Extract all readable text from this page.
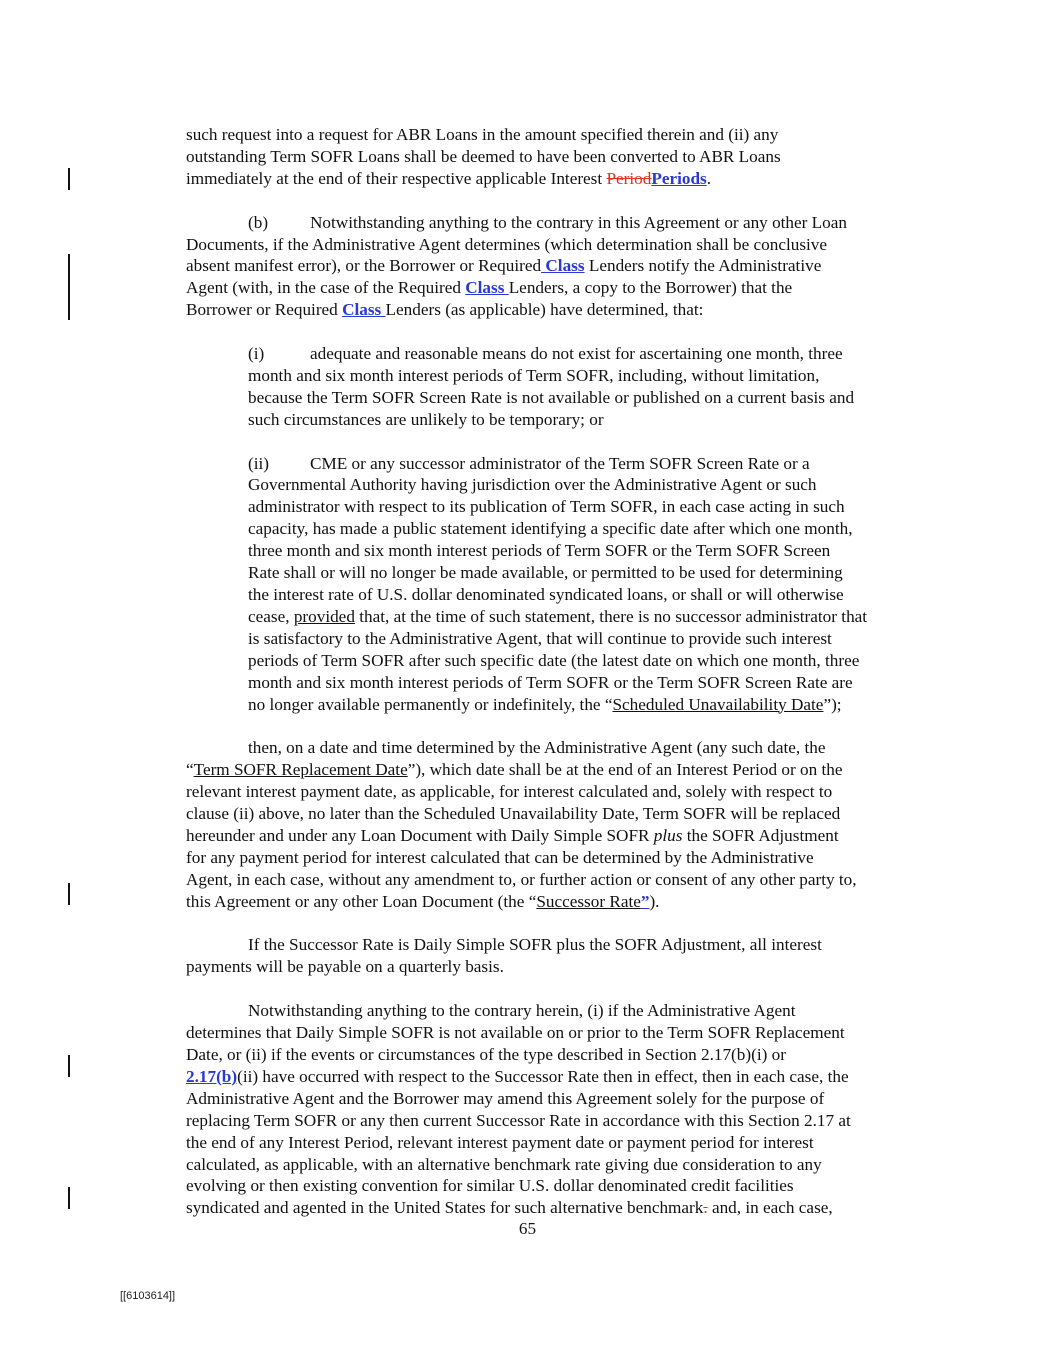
such request into a request for ABR Loans in the amount specified therein and (ii) any
outstanding Term SOFR Loans shall be deemed to have been converted to ABR Loans
immediately at the end of their respective applicable Interest PeriodPeriods.
(b) Notwithstanding anything to the contrary in this Agreement or any other Loan
Documents, if the Administrative Agent determines (which determination shall be conclusive
absent manifest error), or the Borrower or Required Class Lenders notify the Administrative
Agent (with, in the case of the Required Class Lenders, a copy to the Borrower) that the
Borrower or Required Class Lenders (as applicable) have determined, that:
(i)	adequate and reasonable means do not exist for ascertaining one month, three
month and six month interest periods of Term SOFR, including, without limitation,
because the Term SOFR Screen Rate is not available or published on a current basis and
such circumstances are unlikely to be temporary; or
(ii) CME or any successor administrator of the Term SOFR Screen Rate or a
Governmental Authority having jurisdiction over the Administrative Agent or such
administrator with respect to its publication of Term SOFR, in each case acting in such
capacity, has made a public statement identifying a specific date after which one month,
three month and six month interest periods of Term SOFR or the Term SOFR Screen
Rate shall or will no longer be made available, or permitted to be used for determining
the interest rate of U.S. dollar denominated syndicated loans, or shall or will otherwise
cease, provided that, at the time of such statement, there is no successor administrator that
is satisfactory to the Administrative Agent, that will continue to provide such interest
periods of Term SOFR after such specific date (the latest date on which one month, three
month and six month interest periods of Term SOFR or the Term SOFR Screen Rate are
no longer available permanently or indefinitely, the “Scheduled Unavailability Date”);
then, on a date and time determined by the Administrative Agent (any such date, the
“Term SOFR Replacement Date”), which date shall be at the end of an Interest Period or on the
relevant interest payment date, as applicable, for interest calculated and, solely with respect to
clause (ii) above, no later than the Scheduled Unavailability Date, Term SOFR will be replaced
hereunder and under any Loan Document with Daily Simple SOFR plus the SOFR Adjustment
for any payment period for interest calculated that can be determined by the Administrative
Agent, in each case, without any amendment to, or further action or consent of any other party to,
this Agreement or any other Loan Document (the “Successor Rate”).
If the Successor Rate is Daily Simple SOFR plus the SOFR Adjustment, all interest
payments will be payable on a quarterly basis.
Notwithstanding anything to the contrary herein, (i) if the Administrative Agent
determines that Daily Simple SOFR is not available on or prior to the Term SOFR Replacement
Date, or (ii) if the events or circumstances of the type described in Section 2.17(b)(i) or
2.17(b)(ii) have occurred with respect to the Successor Rate then in effect, then in each case, the
Administrative Agent and the Borrower may amend this Agreement solely for the purpose of
replacing Term SOFR or any then current Successor Rate in accordance with this Section 2.17 at
the end of any Interest Period, relevant interest payment date or payment period for interest
calculated, as applicable, with an alternative benchmark rate giving due consideration to any
evolving or then existing convention for similar U.S. dollar denominated credit facilities
syndicated and agented in the United States for such alternative benchmark. and, in each case,
65
[[6103614]]
